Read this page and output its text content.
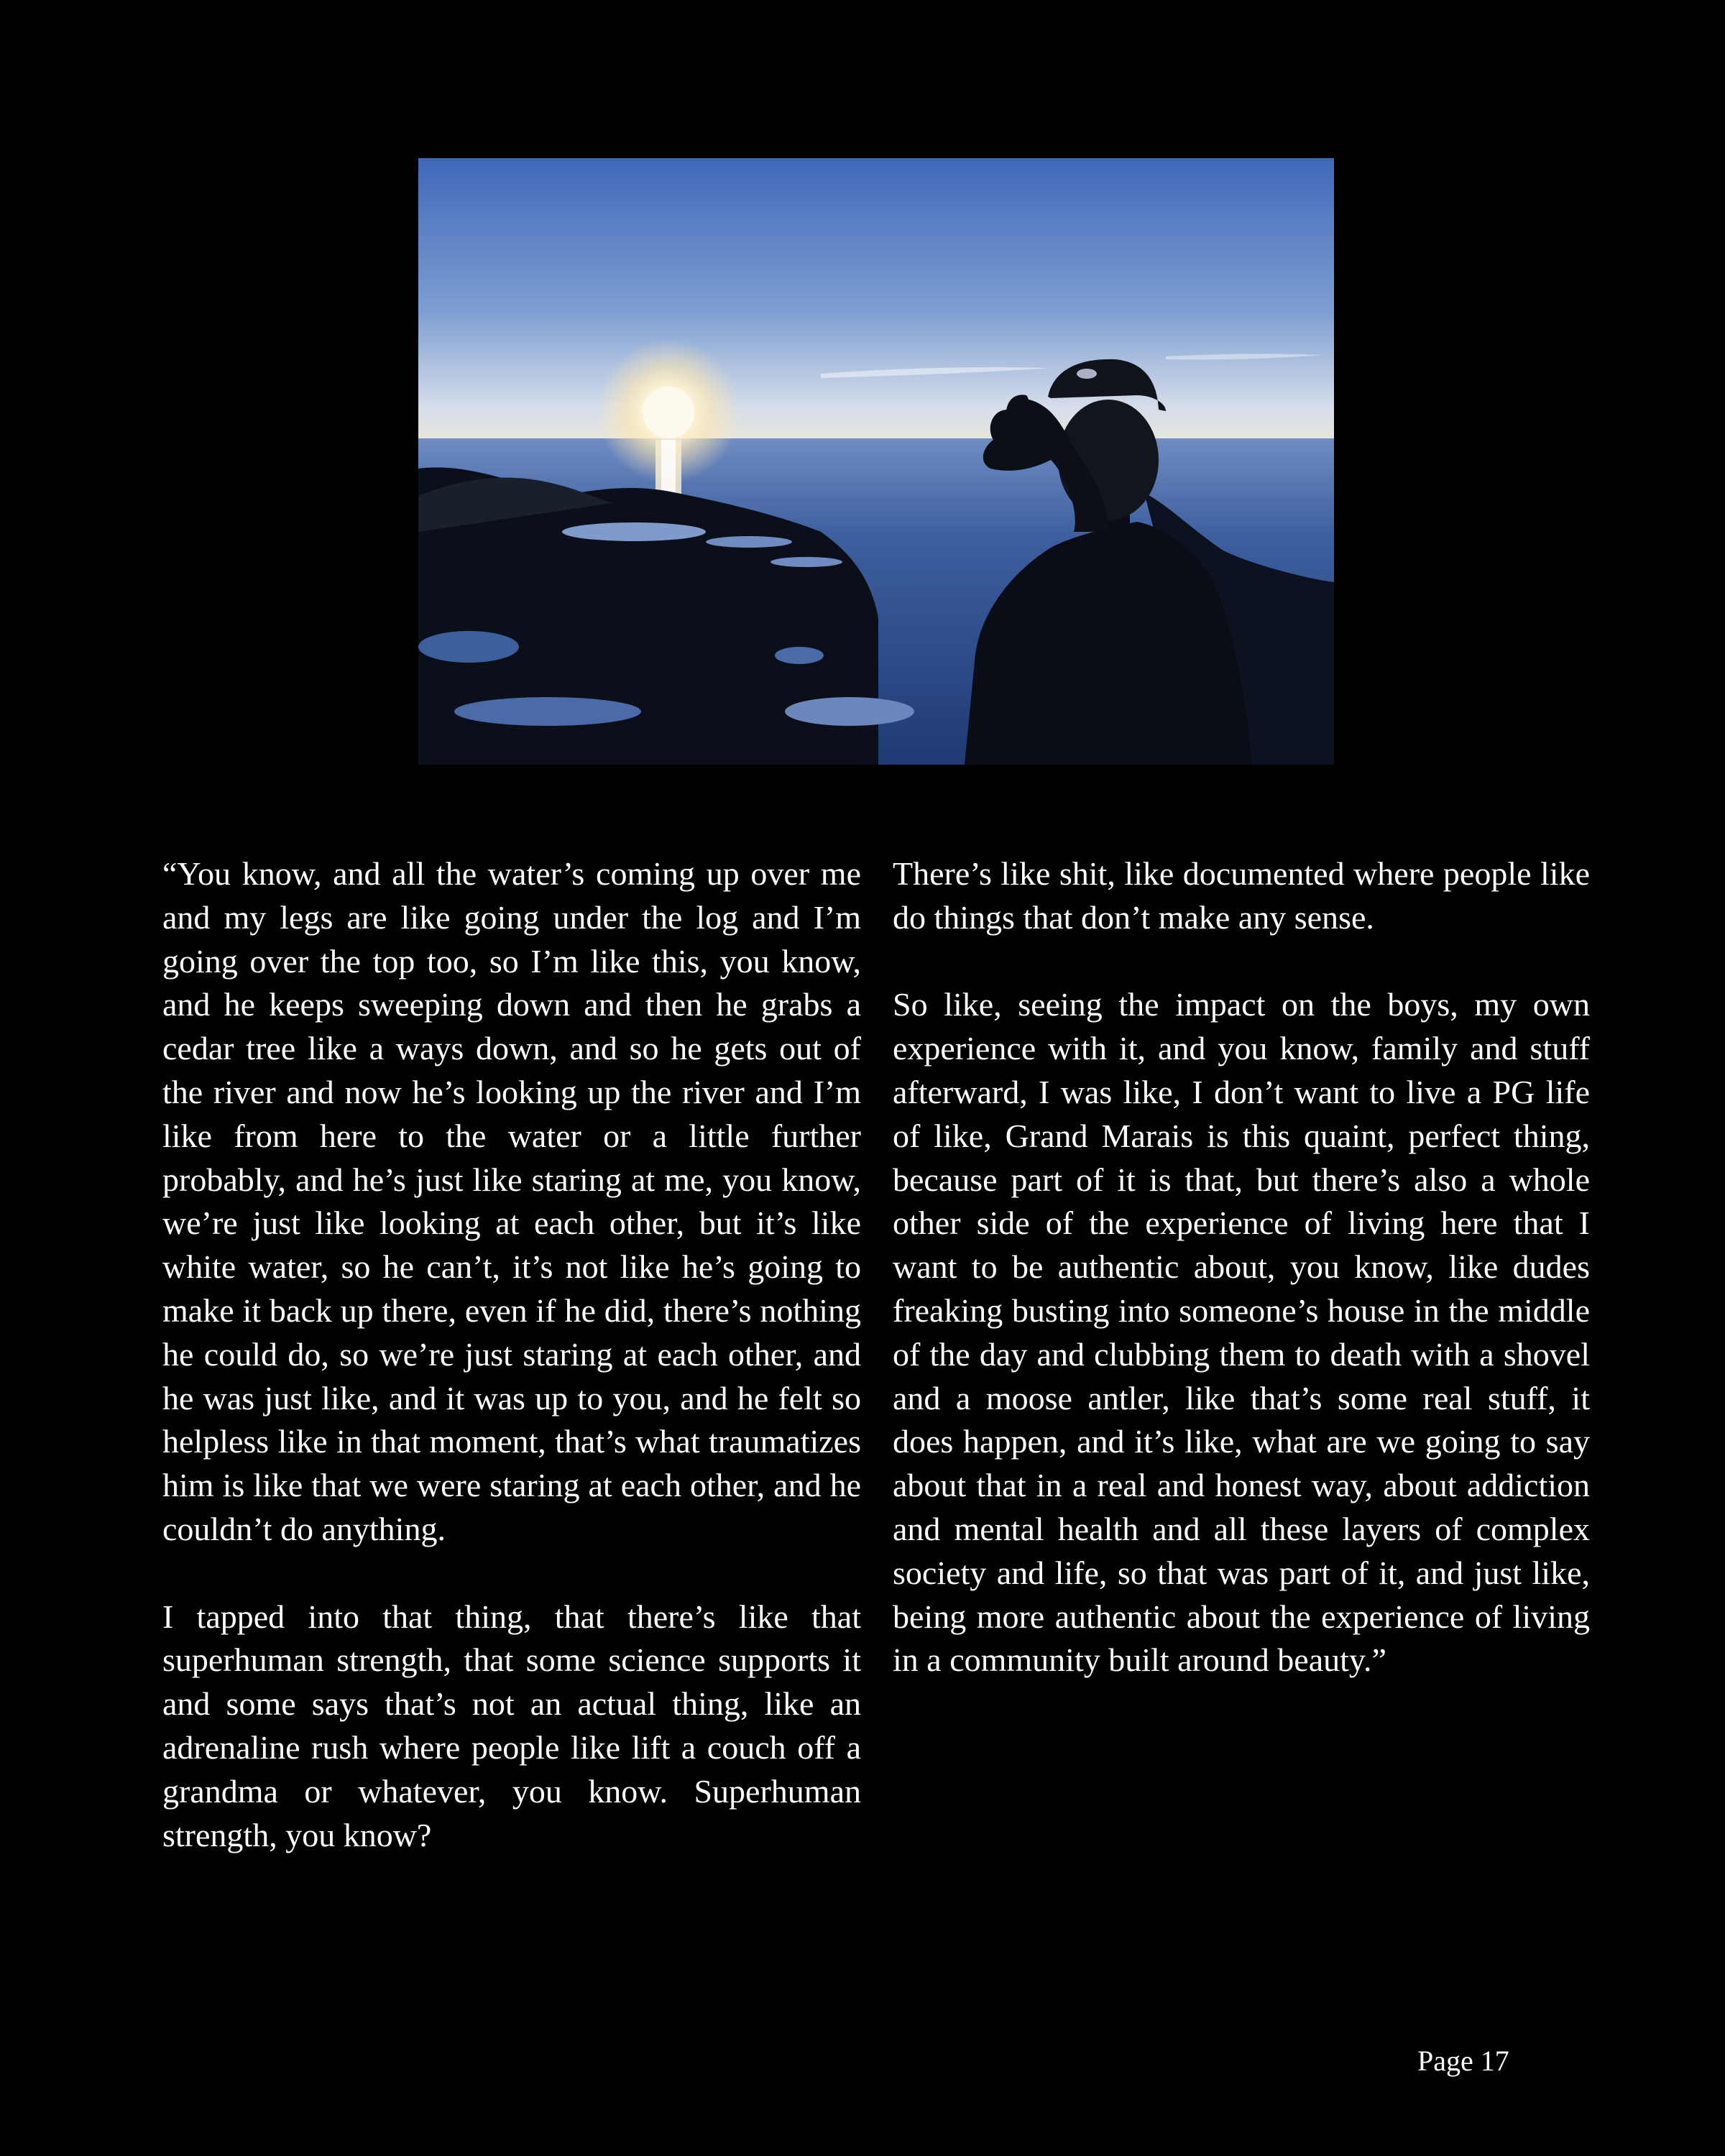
“You know, and all the water’s coming up over me and my legs are like going under the log and I’m going over the top too, so I’m like this, you know, and he keeps sweeping down and then he grabs a cedar tree like a ways down, and so he gets out of the river and now he’s looking up the river and I’m like from here to the water or a little further probably, and he’s just like staring at me, you know, we’re just like looking at each other, but it’s like white water, so he can’t, it’s not like he’s going to make it back up there, even if he did, there’s nothing he could do, so we’re just staring at each other, and he was just like, and it was up to you, and he felt so helpless like in that moment, that’s what traumatizes him is like that we were staring at each other, and he couldn’t do anything.

I tapped into that thing, that there’s like that superhuman strength, that some science supports it and some says that’s not an actual thing, like an adrenaline rush where people like lift a couch off a grandma or whatever, you know. Superhuman strength, you know?

There’s like shit, like documented where people like do things that don’t make any sense.

So like, seeing the impact on the boys, my own experience with it, and you know, family and stuff afterward, I was like, I don’t want to live a PG life of like, Grand Marais is this quaint, perfect thing, because part of it is that, but there’s also a whole other side of the experience of living here that I want to be authentic about, you know, like dudes freaking busting into someone’s house in the middle of the day and clubbing them to death with a shovel and a moose antler, like that’s some real stuff, it does happen, and it’s like, what are we going to say about that in a real and honest way, about addiction and mental health and all these layers of complex society and life, so that was part of it, and just like, being more authentic about the experience of living in a community built around beauty.”

Page 17
